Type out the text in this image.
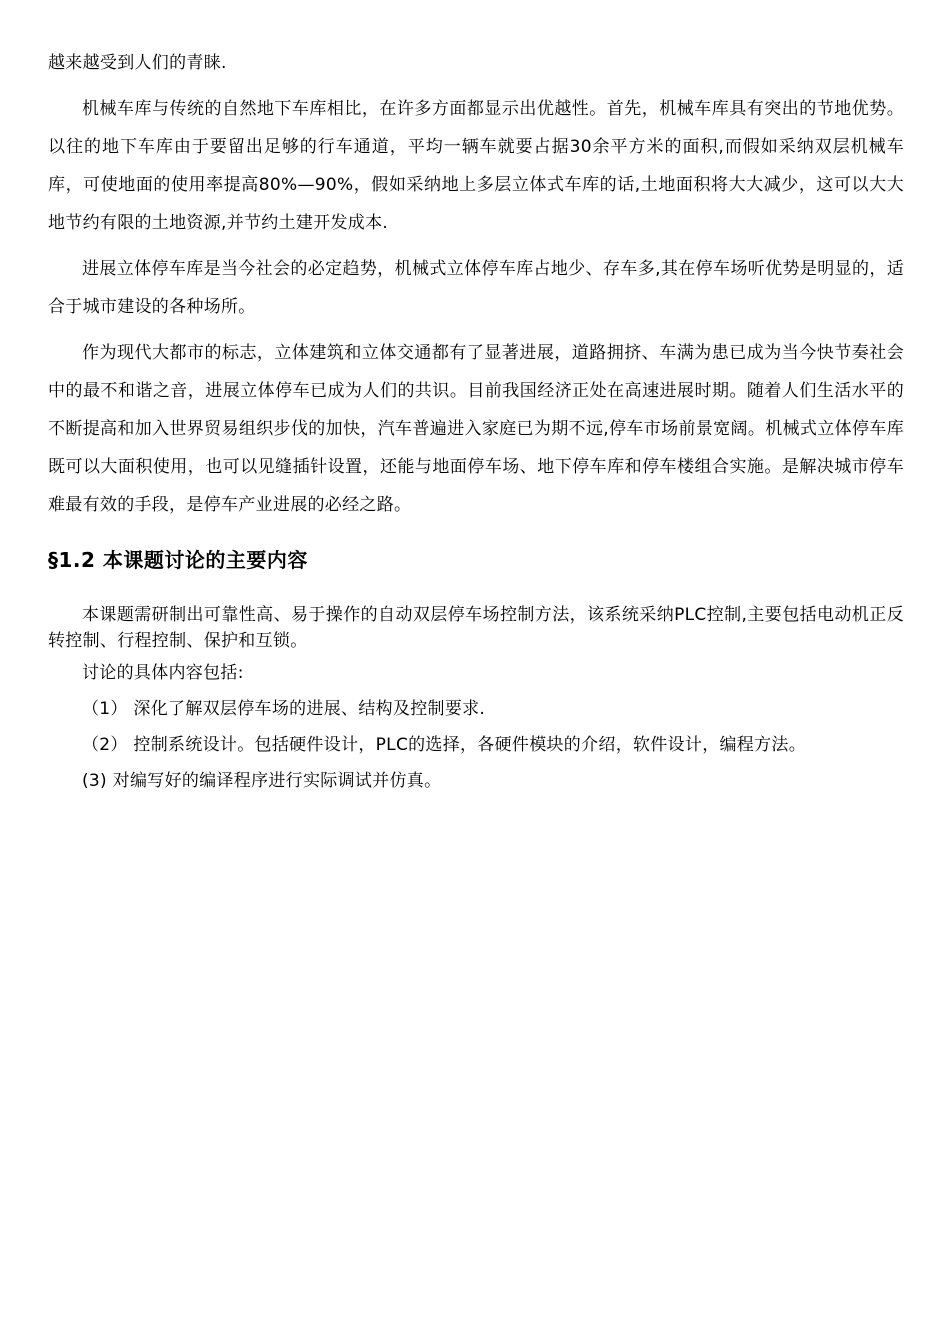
越来越受到人们的青睐.

机械车库与传统的自然地下车库相比，在许多方面都显示出优越性。首先，机械车库具有突出的节地优势。以往的地下车库由于要留出足够的行车通道，平均一辆车就要占据30余平方米的面积,而假如采纳双层机械车库，可使地面的使用率提高80%—90%，假如采纳地上多层立体式车库的话,土地面积将大大减少，这可以大大地节约有限的土地资源,并节约土建开发成本.

进展立体停车库是当今社会的必定趋势，机械式立体停车库占地少、存车多,其在停车场听优势是明显的，适合于城市建设的各种场所。

作为现代大都市的标志，立体建筑和立体交通都有了显著进展，道路拥挤、车满为患已成为当今快节奏社会中的最不和谐之音，进展立体停车已成为人们的共识。目前我国经济正处在高速进展时期。随着人们生活水平的不断提高和加入世界贸易组织步伐的加快，汽车普遍进入家庭已为期不远,停车市场前景宽阔。机械式立体停车库既可以大面积使用，也可以见缝插针设置，还能与地面停车场、地下停车库和停车楼组合实施。是解决城市停车难最有效的手段，是停车产业进展的必经之路。

§1.2 本课题讨论的主要内容

本课题需研制出可靠性高、易于操作的自动双层停车场控制方法，该系统采纳PLC控制,主要包括电动机正反转控制、行程控制、保护和互锁。

讨论的具体内容包括:

（1） 深化了解双层停车场的进展、结构及控制要求.

（2） 控制系统设计。包括硬件设计，PLC的选择，各硬件模块的介绍，软件设计，编程方法。

(3) 对编写好的编译程序进行实际调试并仿真。
